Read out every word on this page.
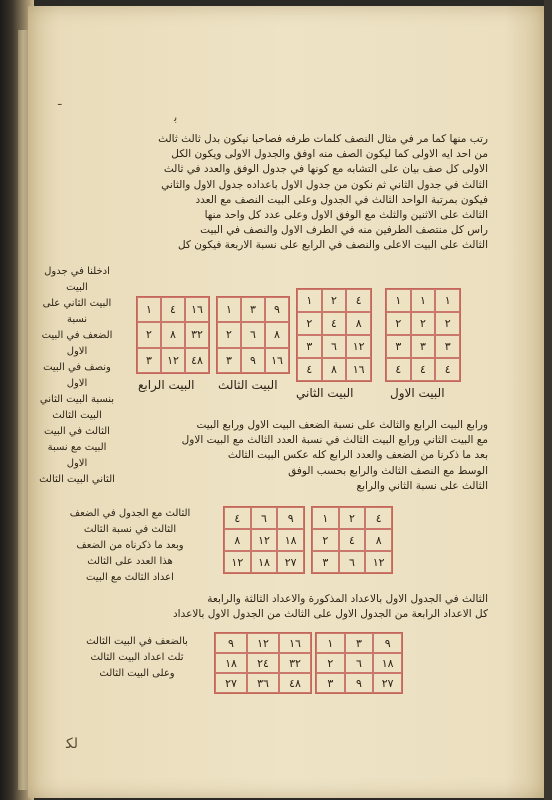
ـ
ﺑ
رتب منها كما مر في مثال النصف كلمات طرفه فصاحبا نيكون بدل ثالث ثالث
من احد ايه الاولى كما ليكون الصف منه اوفق والجدول الاولى ويكون الكل
الاولى كل صف بيان على التشابه مع كونها في جدول الوفق والعدد في ثالث
الثالث في جدول الثاني ثم نكون من جدول الاول باعداده جدول الاول والثاني
فيكون بمرتبة الواحد الثالث في الجدول وعلى البيت النصف مع العدد
الثالث على الاثنين والثلث مع الوفق الاول وعلى عدد كل واحد منها
راس كل منتصف الطرفين منه في الطرف الاول والنصف في البيت
الثالث على البيت الاعلى والنصف في الرابع على نسبة الاربعة فيكون كل
ادخلنا في جدول البيت
البيت الثاني على نسبة
الضعف في البيت الاول
ونصف في البيت الاول
بنسبة البيت الثاني
البيت الثالث
الثالث في البيت
البيت مع نسبة الاول
الثاني البيت الثالث
١	٤	١٦
٢	٨	٣٢
٣	١٢	٤٨
١	٣	٩
٢	٦	٨
٣	٩	١٦
١	٢	٤
٢	٤	٨
٣	٦	١٢
٤	٨	١٦
١	١	١
٢	٢	٢
٣	٣	٣
٤	٤	٤
البيت الاول
البيت الثاني
البيت الثالث
البيت الرابع
ورابع البيت الرابع والثالث على نسبة الضعف البيت الاول ورابع البيت
مع البيت الثاني ورابع البيت الثالث في نسبة العدد الثالث مع البيت الاول
بعد ما ذكرنا من الضعف والعدد الرابع كله عكس البيت الثالث
الوسط مع النصف الثالث والرابع بحسب الوفق
الثالث على نسبة الثاني والرابع
الثالث مع الجدول في الضعف
الثالث في نسبة الثالث
وبعد ما ذكرناه من الضعف
هذا العدد على الثالث
اعداد الثالث مع البيت
٤	٦	٩
٨	١٢	١٨
١٢	١٨	٢٧
١	٢	٤
٢	٤	٨
٣	٦	١٢
الثالث في الجدول الاول بالاعداد المذكورة والاعداد الثالثة والرابعة
كل الاعداد الرابعة من الجدول الاول على الثالث من الجدول الاول بالاعداد
بالضعف في البيت الثالث
ثلث اعداد البيت الثالث
وعلى البيت الثالث
٩	١٢	١٦
١٨	٢٤	٣٢
٢٧	٣٦	٤٨
١	٣	٩
٢	٦	١٨
٣	٩	٢٧
ﻟﻜ
